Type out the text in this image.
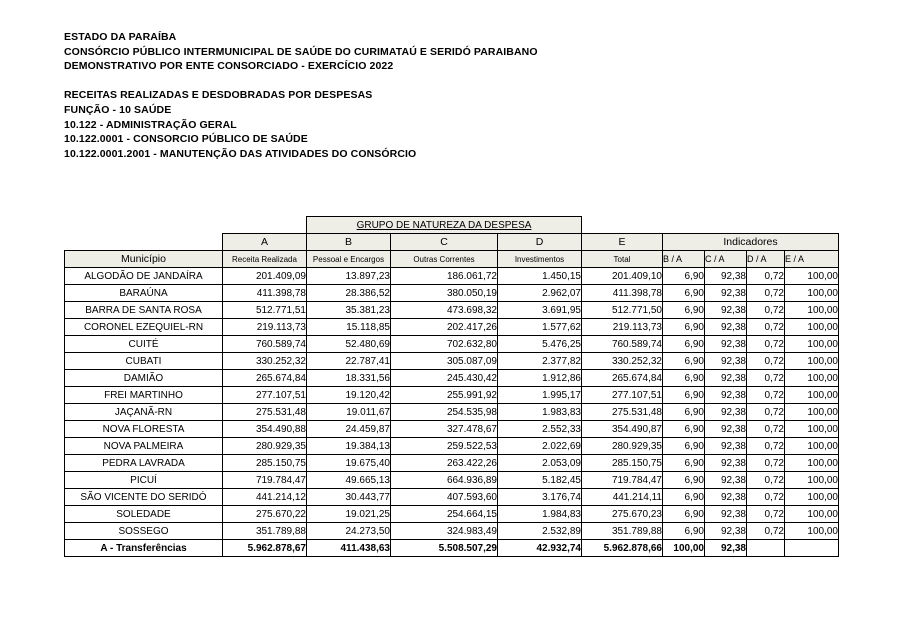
ESTADO DA PARAÍBA
CONSÓRCIO PÚBLICO INTERMUNICIPAL DE SAÚDE DO CURIMATAÚ E SERIDÓ PARAIBANO
DEMONSTRATIVO POR ENTE CONSORCIADO - EXERCÍCIO 2022

RECEITAS REALIZADAS E DESDOBRADAS POR DESPESAS
FUNÇÃO - 10 SAÚDE
10.122 - ADMINISTRAÇÃO GERAL
10.122.0001 - CONSORCIO PÚBLICO DE SAÚDE
10.122.0001.2001 - MANUTENÇÃO DAS ATIVIDADES DO CONSÓRCIO
		GRUPO DE NATUREZA DA DESPESA							
	A	B	C	D	E	Indicadores			
Município	Receita Realizada	Pessoal e Encargos	Outras Correntes	Investimentos	Total	B / A	C / A	D / A	E / A
ALGODÃO DE JANDAÍRA	201.409,09	13.897,23	186.061,72	1.450,15	201.409,10	6,90	92,38	0,72	100,00
BARAÚNA	411.398,78	28.386,52	380.050,19	2.962,07	411.398,78	6,90	92,38	0,72	100,00
BARRA DE SANTA ROSA	512.771,51	35.381,23	473.698,32	3.691,95	512.771,50	6,90	92,38	0,72	100,00
CORONEL EZEQUIEL-RN	219.113,73	15.118,85	202.417,26	1.577,62	219.113,73	6,90	92,38	0,72	100,00
CUITÉ	760.589,74	52.480,69	702.632,80	5.476,25	760.589,74	6,90	92,38	0,72	100,00
CUBATI	330.252,32	22.787,41	305.087,09	2.377,82	330.252,32	6,90	92,38	0,72	100,00
DAMIÃO	265.674,84	18.331,56	245.430,42	1.912,86	265.674,84	6,90	92,38	0,72	100,00
FREI MARTINHO	277.107,51	19.120,42	255.991,92	1.995,17	277.107,51	6,90	92,38	0,72	100,00
JAÇANÃ-RN	275.531,48	19.011,67	254.535,98	1.983,83	275.531,48	6,90	92,38	0,72	100,00
NOVA FLORESTA	354.490,88	24.459,87	327.478,67	2.552,33	354.490,87	6,90	92,38	0,72	100,00
NOVA PALMEIRA	280.929,35	19.384,13	259.522,53	2.022,69	280.929,35	6,90	92,38	0,72	100,00
PEDRA LAVRADA	285.150,75	19.675,40	263.422,26	2.053,09	285.150,75	6,90	92,38	0,72	100,00
PICUÍ	719.784,47	49.665,13	664.936,89	5.182,45	719.784,47	6,90	92,38	0,72	100,00
SÃO VICENTE DO SERIDÓ	441.214,12	30.443,77	407.593,60	3.176,74	441.214,11	6,90	92,38	0,72	100,00
SOLEDADE	275.670,22	19.021,25	254.664,15	1.984,83	275.670,23	6,90	92,38	0,72	100,00
SOSSEGO	351.789,88	24.273,50	324.983,49	2.532,89	351.789,88	6,90	92,38	0,72	100,00
A - Transferências	5.962.878,67	411.438,63	5.508.507,29	42.932,74	5.962.878,66	100,00	92,38		
